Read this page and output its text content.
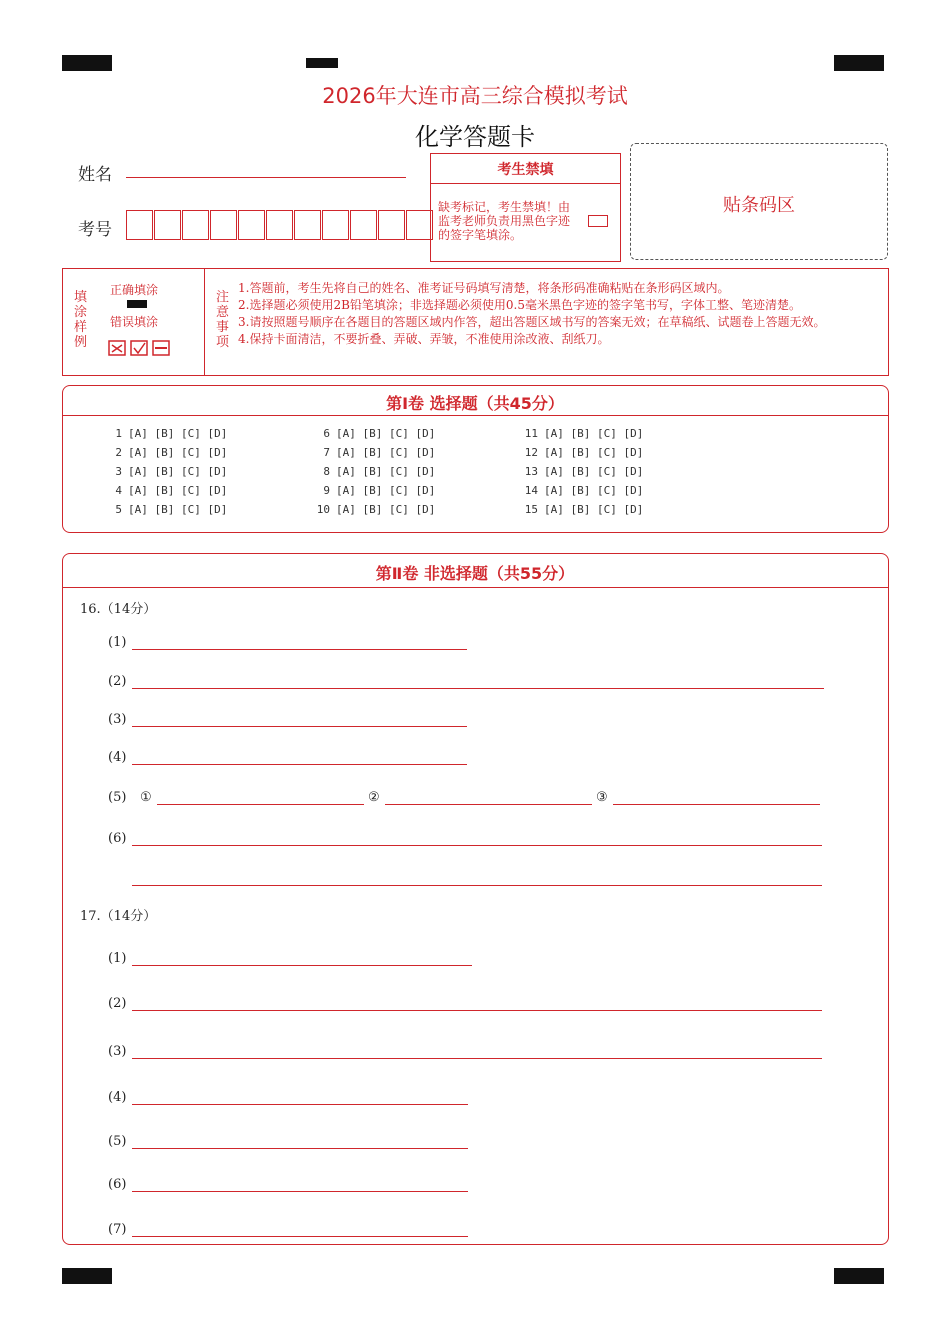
2026年大连市高三综合模拟考试
化学答题卡
姓名
考号
考生禁填
缺考标记，考生禁填！由监考老师负责用黑色字迹的签字笔填涂。
贴条码区
填涂样例
正确填涂
错误填涂
注意事项
1.答题前，考生先将自己的姓名、准考证号码填写清楚，将条形码准确粘贴在条形码区域内。
2.选择题必须使用2B铅笔填涂；非选择题必须使用0.5毫米黑色字迹的签字笔书写，字体工整、笔迹清楚。
3.请按照题号顺序在各题目的答题区域内作答，超出答题区域书写的答案无效；在草稿纸、试题卷上答题无效。
4.保持卡面清洁，不要折叠、弄破、弄皱，不准使用涂改液、刮纸刀。
第Ⅰ卷 选择题（共45分）
1 [A] [B] [C] [D]
2 [A] [B] [C] [D]
3 [A] [B] [C] [D]
4 [A] [B] [C] [D]
5 [A] [B] [C] [D]
6 [A] [B] [C] [D]
7 [A] [B] [C] [D]
8 [A] [B] [C] [D]
9 [A] [B] [C] [D]
10 [A] [B] [C] [D]
11 [A] [B] [C] [D]
12 [A] [B] [C] [D]
13 [A] [B] [C] [D]
14 [A] [B] [C] [D]
15 [A] [B] [C] [D]
第Ⅱ卷 非选择题（共55分）
16.（14分）
(1)
(2)
(3)
(4)
(5) ①	②	③
(6)
17.（14分）
(1)
(2)
(3)
(4)
(5)
(6)
(7)
